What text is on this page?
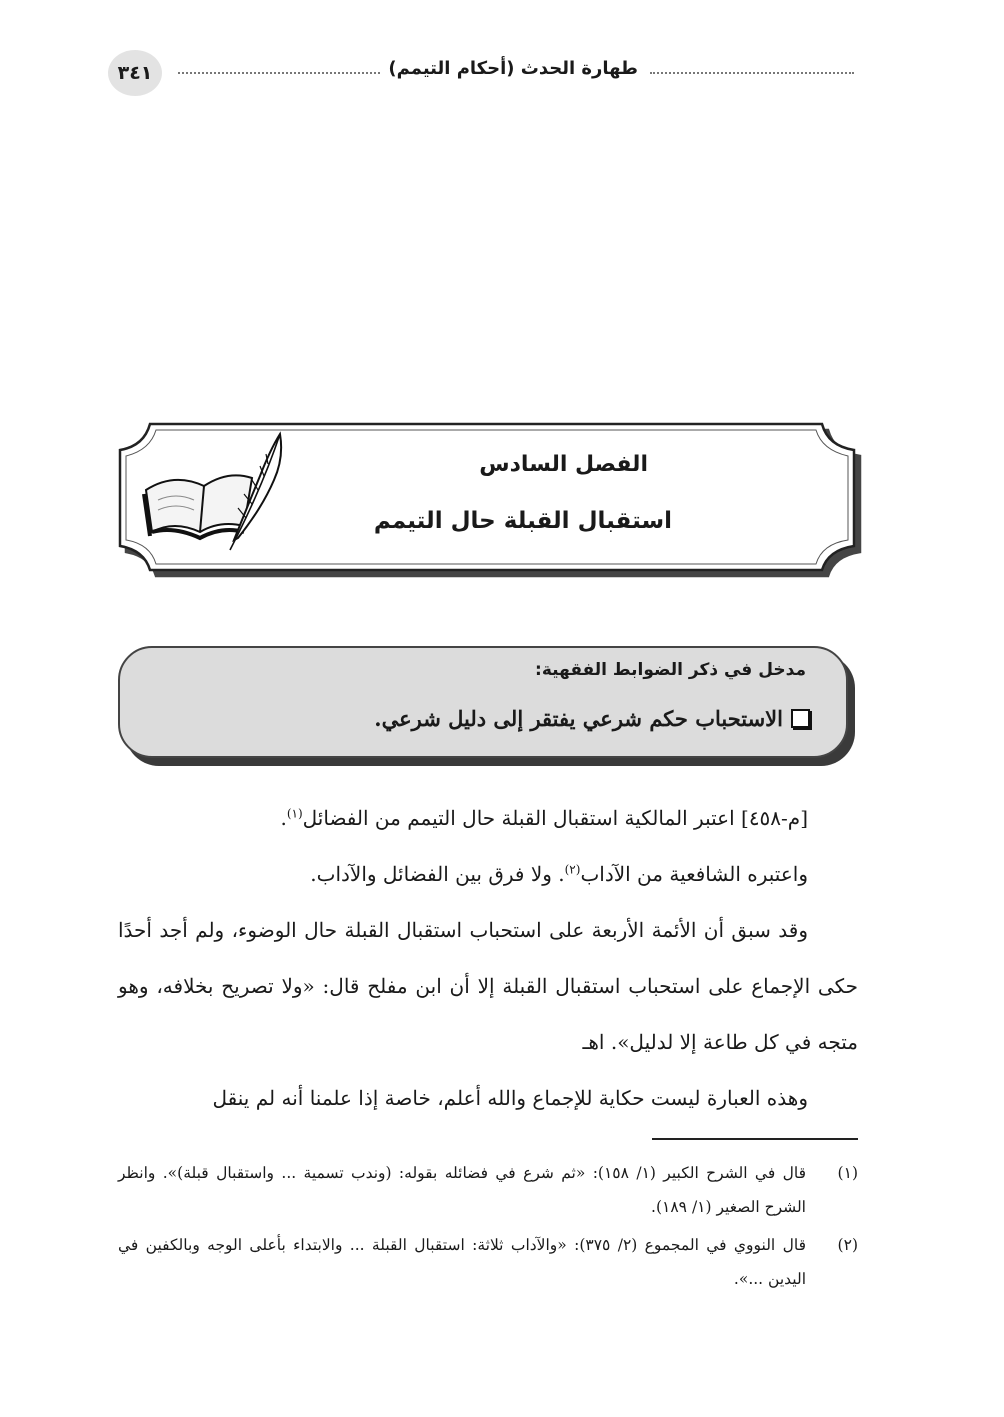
٣٤١	طهارة الحدث (أحكام التيمم)
الفصل السادس
استقبال القبلة حال التيمم
مدخل في ذكر الضوابط الفقهية:
الاستحباب حكم شرعي يفتقر إلى دليل شرعي.

[م-٤٥٨] اعتبر المالكية استقبال القبلة حال التيمم من الفضائل$^{(١)}$.

واعتبره الشافعية من الآداب$^{(٢)}$. ولا فرق بين الفضائل والآداب.

وقد سبق أن الأئمة الأربعة على استحباب استقبال القبلة حال الوضوء، ولم أجد أحدًا حكى الإجماع على استحباب استقبال القبلة إلا أن ابن مفلح قال: «ولا تصريح بخلافه، وهو متجه في كل طاعة إلا لدليل». اهـ

وهذه العبارة ليست حكاية للإجماع والله أعلم، خاصة إذا علمنا أنه لم ينقل

(١)
قال في الشرح الكبير (١/ ١٥٨): «ثم شرع في فضائله بقوله: (وندب تسمية ... واستقبال قبلة)». وانظر الشرح الصغير (١/ ١٨٩).
(٢)
قال النووي في المجموع (٢/ ٣٧٥): «والآداب ثلاثة: استقبال القبلة ... والابتداء بأعلى الوجه وبالكفين في اليدين ...».
